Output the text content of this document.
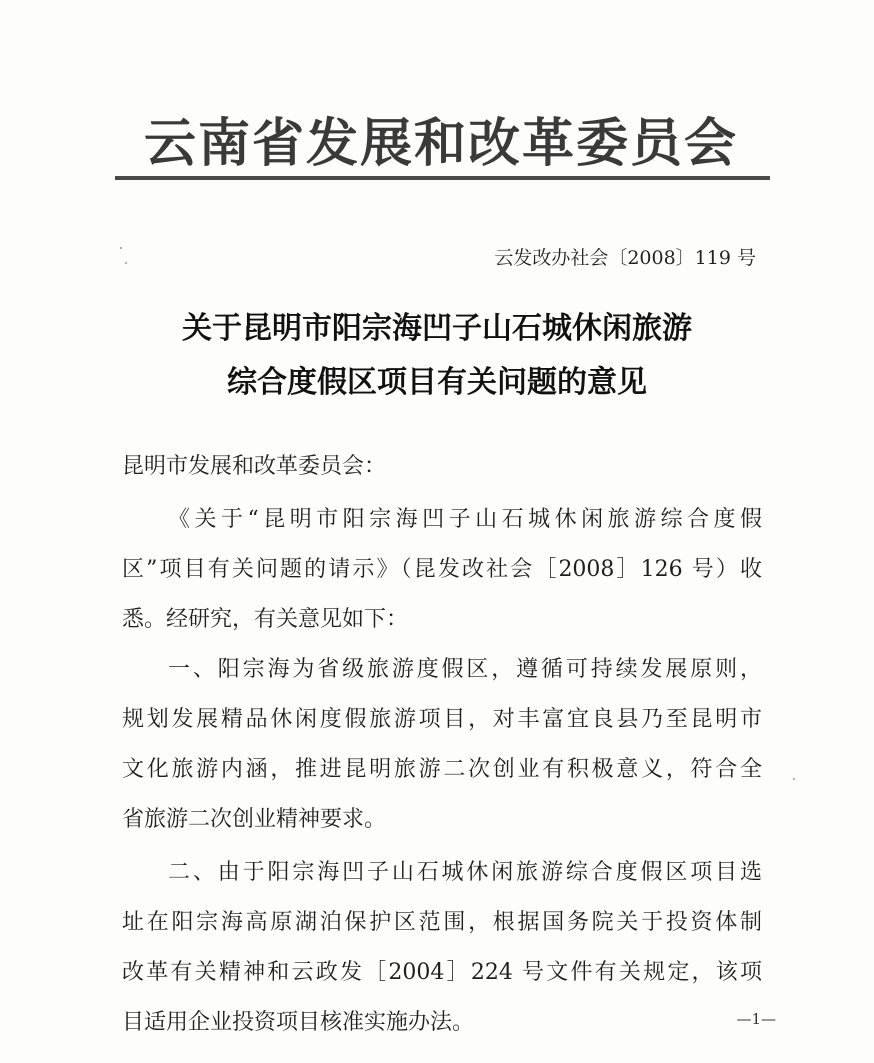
云南省发展和改革委员会
云发改办社会〔2008〕119 号
关于昆明市阳宗海凹子山石城休闲旅游
综合度假区项目有关问题的意见
昆明市发展和改革委员会：
《关于“昆明市阳宗海凹子山石城休闲旅游综合度假
区”项目有关问题的请示》（昆发改社会［2008］126 号）收
悉。经研究，有关意见如下：
一、阳宗海为省级旅游度假区，遵循可持续发展原则，
规划发展精品休闲度假旅游项目，对丰富宜良县乃至昆明市
文化旅游内涵，推进昆明旅游二次创业有积极意义，符合全
省旅游二次创业精神要求。
二、由于阳宗海凹子山石城休闲旅游综合度假区项目选
址在阳宗海高原湖泊保护区范围，根据国务院关于投资体制
改革有关精神和云政发［2004］224 号文件有关规定，该项
目适用企业投资项目核准实施办法。	—1—
